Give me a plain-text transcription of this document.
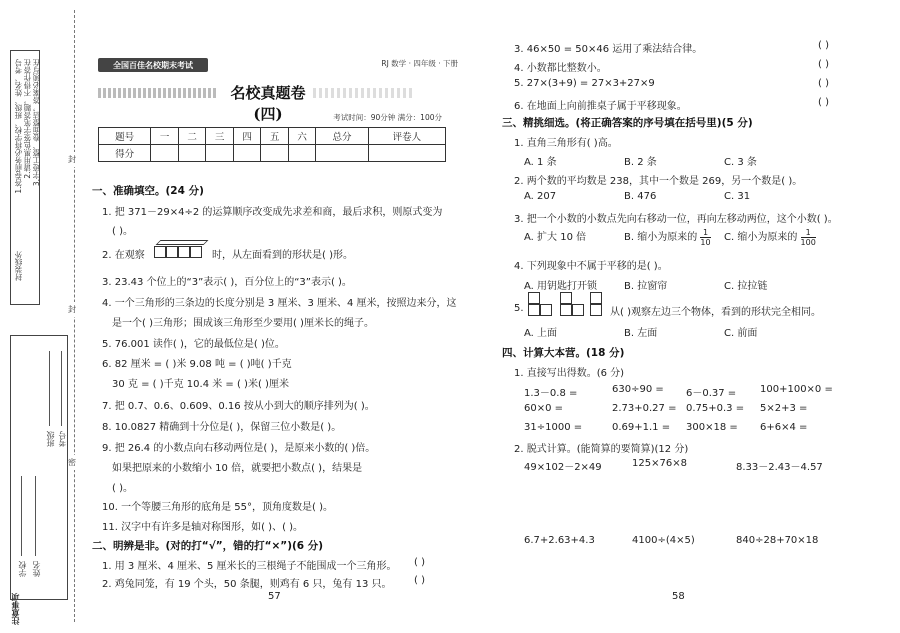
1.答卷前务必将学校、班级、姓名、考号 2.请用黑色签字笔答题，不得作答在 3.字迹工整、卷面整洁，答案必须写在
封装线外
注意事项
学校 姓名
班级 考号
封
封
密
全国百佳名校期末考试	RJ 数学 · 四年级 · 下册
名校真题卷(四)	考试时间：90分钟 满分：100分
题号	一	二	三	四	五	六	总分	评卷人
得分								
一、准确填空。(24 分)
1. 把 371－29×4÷2 的运算顺序改变成先求差和商，最后求积，则原式变为
( )。
2. 在观察	时，从左面看到的形状是( )形。
3. 23.43 个位上的“3”表示( )，百分位上的“3”表示( )。
4. 一个三角形的三条边的长度分别是 3 厘米、3 厘米、4 厘米，按照边来分，这
是一个( )三角形；围成该三角形至少要用( )厘米长的绳子。
5. 76.001 读作( )，它的最低位是( )位。
6. 82 厘米 = ( )米 9.08 吨 = ( )吨( )千克
30 克 = ( )千克 10.4 米 = ( )米( )厘米
7. 把 0.7、0.6、0.609、0.16 按从小到大的顺序排列为( )。
8. 10.0827 精确到十分位是( )，保留三位小数是( )。
9. 把 26.4 的小数点向右移动两位是( )，是原来小数的( )倍。
如果把原来的小数缩小 10 倍，就要把小数点( )，结果是
( )。
10. 一个等腰三角形的底角是 55°，顶角度数是( )。
11. 汉字中有许多是轴对称图形，如( )、( )。
二、明辨是非。(对的打“√”，错的打“×”)(6 分)
1. 用 3 厘米、4 厘米、5 厘米长的三根绳子不能围成一个三角形。 ( )
2. 鸡兔同笼，有 19 个头，50 条腿，则鸡有 6 只，兔有 13 只。 ( )
57
3. 46×50 = 50×46 运用了乘法结合律。	( )
4. 小数都比整数小。	( )
5. 27×(3+9) = 27×3+27×9	( )
6. 在地面上向前推桌子属于平移现象。	( )
三、精挑细选。(将正确答案的序号填在括号里)(5 分)
1. 直角三角形有( )高。
A. 1 条	B. 2 条	C. 3 条
2. 两个数的平均数是 238，其中一个数是 269，另一个数是( )。
A. 207	B. 476	C. 31
3. 把一个小数的小数点先向右移动一位，再向左移动两位，这个小数( )。
A. 扩大 10 倍	B. 缩小为原来的 $\frac{1}{10} C$. 缩小为原来的 $\frac{1}{100}$
4. 下列现象中不属于平移的是( )。
A. 用钥匙打开锁	B. 拉窗帘	C. 拉拉链
5.	从( )观察左边三个物体，看到的形状完全相同。
A. 上面	B. 左面	C. 前面
四、计算大本营。(18 分)
1. 直接写出得数。(6 分)
1.3－0.8 =	630÷90 = 6－0.37 = 100+100×0 =
60×0 =	2.73+0.27 = 0.75+0.3 = 5×2+3 =
31÷1000 =	0.69+1.1 = 300×18 = 6+6×4 =
2. 脱式计算。(能简算的要简算)(12 分)
49×102－2×49	125×76×8	8.33－2.43－4.57
6.7+2.63+4.3	4100÷(4×5)	840÷28+70×18
58
